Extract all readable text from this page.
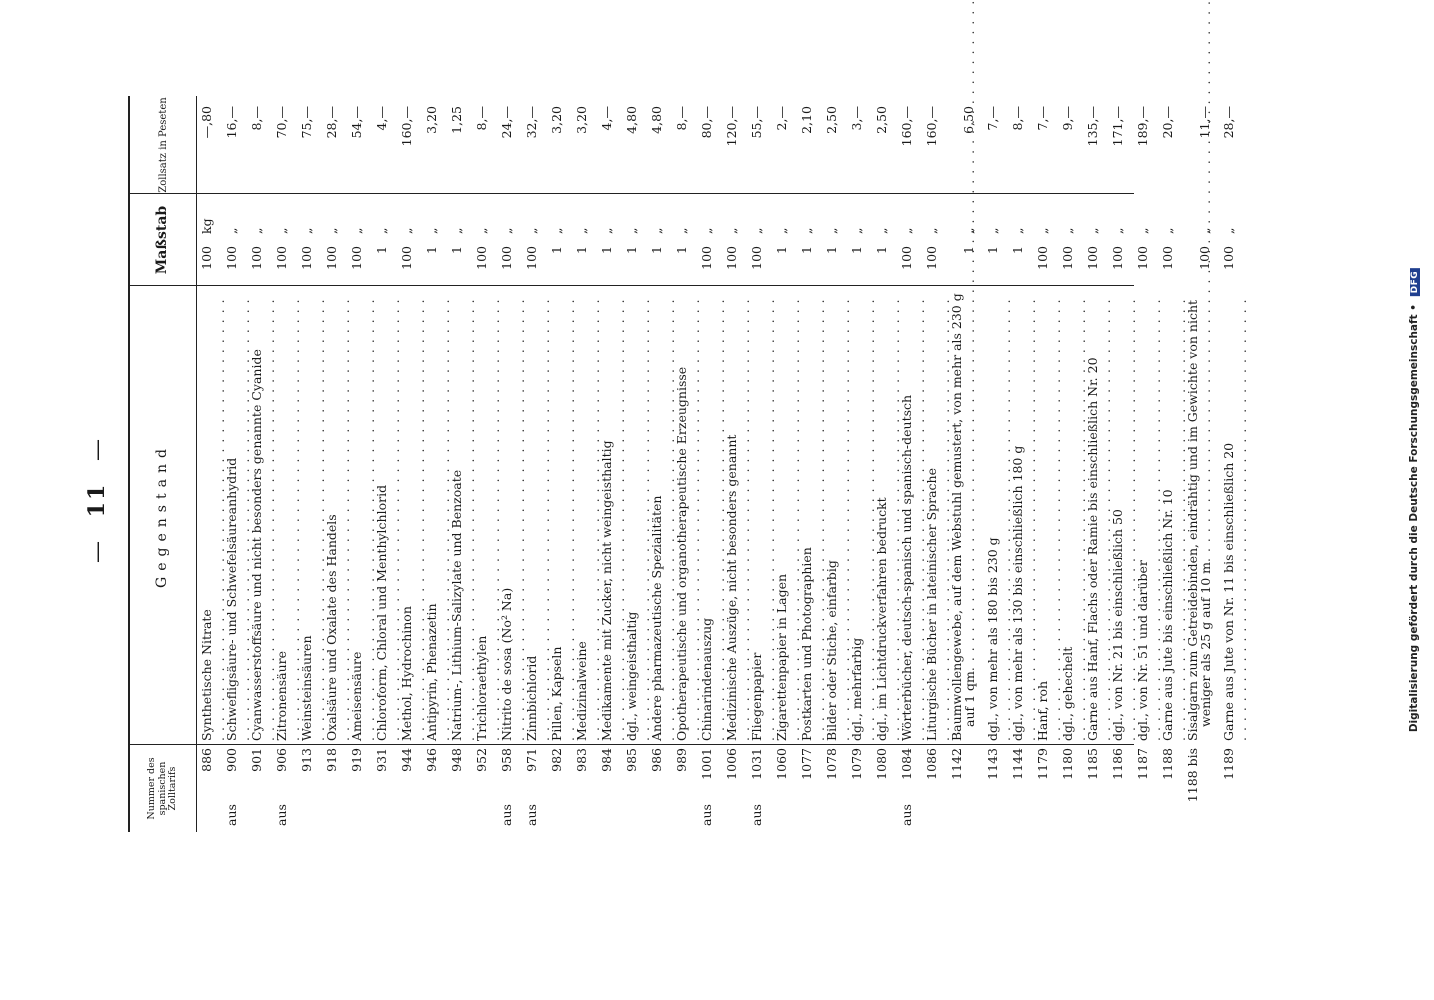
— 11 —
Nummer des spanischen Zolltarifs
Gegenstand
Maßstab
Zollsatz in Peseten
886
Synthetische Nitrate
. . .
100
kg
—,80
aus
900
Schwefligsäure- und Schwefelsäureanhydrid
. . .
100
„
16,—
901
Cyanwasserstoffsäure und nicht besonders genannte Cyanide
. . .
100
„
8,—
aus
906
Zitronensäure
. . .
100
„
70,—
913
Weinsteinsäuren
. . .
100
„
75,—
918
Oxalsäure und Oxalate des Handels
. . .
100
„
28,—
919
Ameisensäure
. . .
100
„
54,—
931
Chloroform, Chloral und Menthylchlorid
. . .
1
„
4,—
944
Methol, Hydrochinon
. . .
100
„
160,—
946
Antipyrin, Phenazetin
. . .
1
„
3,20
948
Natrium-, Lithium-Salizylate und Benzoate
. . .
1
„
1,25
952
Trichloraethylen
. . .
100
„
8,—
aus
958
Nitrito de sosa (No² Na)
. . .
100
„
24,—
aus
971
Zinnbichlorid
. . .
100
„
32,—
982
Pillen, Kapseln
. . .
1
„
3,20
983
Medizinalweine
. . .
1
„
3,20
984
Medikamente mit Zucker, nicht weingeisthaltig
. . .
1
„
4,—
985
dgl., weingeisthaltig
. . .
1
„
4,80
986
Andere pharmazeutische Spezialitäten
. . .
1
„
4,80
989
Opotherapeutische und organotherapeutische Erzeugnisse
. . .
1
„
8,—
aus
1001
Chinarindenauszug
. . .
100
„
80,—
1006
Medizinische Auszüge, nicht besonders genannt
. . .
100
„
120,—
aus
1031
Fliegenpapier
. . .
100
„
55,—
1060
Zigarettenpapier in Lagen
. . .
1
„
2,—
1077
Postkarten und Photographien
. . .
1
„
2,10
1078
Bilder oder Stiche, einfarbig
. . .
1
„
2,50
1079
dgl., mehrfarbig
. . .
1
„
3,—
1080
dgl., im Lichtdruckverfahren bedruckt
. . .
1
„
2,50
aus
1084
Wörterbücher, deutsch-spanisch und spanisch-deutsch
. . .
100
„
160,—
1086
Liturgische Bücher in lateinischer Sprache
. . .
100
„
160,—
1142
Baumwollengewebe, auf dem Webstuhl gemustert, von mehr als 230 g
auf 1 qm
. . .
1
„
6,50
1143
dgl., von mehr als 180 bis 230 g
. . .
1
„
7,—
1144
dgl., von mehr als 130 bis einschließlich 180 g
. . .
1
„
8,—
1179
Hanf, roh
. . .
100
„
7,—
1180
dgl., gehechelt
. . .
100
„
9,—
1185
Garne aus Hanf, Flachs oder Ramie bis einschließlich Nr. 20
. . .
100
„
135,—
1186
dgl., von Nr. 21 bis einschließlich 50
. . .
100
„
171,—
1187
dgl., von Nr. 51 und darüber
. . .
100
„
189,—
1188
Garne aus Jute bis einschließlich Nr. 10
. . .
100
„
20,—
1188 bis
Sisalgarn zum Getreidebinden, eindrähtig und im Gewichte von nicht
weniger als 25 g auf 10 m
. . .
100
„
11,—
1189
Garne aus Jute von Nr. 11 bis einschließlich 20
. . .
100
„
28,—
Digitalisierung gefördert durch die Deutsche Forschungsgemeinschaft • DFG
